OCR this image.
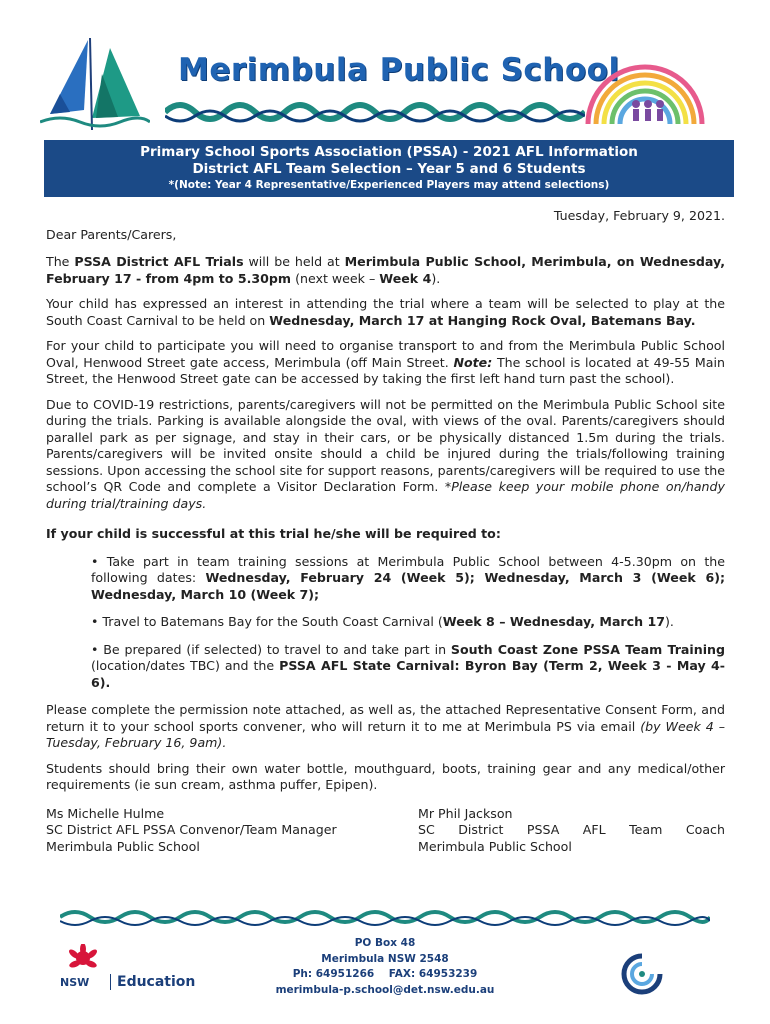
Merimbula Public School
Primary School Sports Association (PSSA) - 2021 AFL Information
District AFL Team Selection – Year 5 and 6 Students
*(Note: Year 4 Representative/Experienced Players may attend selections)
Tuesday, February 9, 2021.
Dear Parents/Carers,
The PSSA District AFL Trials will be held at Merimbula Public School, Merimbula, on Wednesday, February 17 - from 4pm to 5.30pm (next week – Week 4).
Your child has expressed an interest in attending the trial where a team will be selected to play at the South Coast Carnival to be held on Wednesday, March 17 at Hanging Rock Oval, Batemans Bay.
For your child to participate you will need to organise transport to and from the Merimbula Public School Oval, Henwood Street gate access, Merimbula (off Main Street. Note: The school is located at 49-55 Main Street, the Henwood Street gate can be accessed by taking the first left hand turn past the school).
Due to COVID-19 restrictions, parents/caregivers will not be permitted on the Merimbula Public School site during the trials. Parking is available alongside the oval, with views of the oval. Parents/caregivers should parallel park as per signage, and stay in their cars, or be physically distanced 1.5m during the trials. Parents/caregivers will be invited onsite should a child be injured during the trials/following training sessions. Upon accessing the school site for support reasons, parents/caregivers will be required to use the school’s QR Code and complete a Visitor Declaration Form. *Please keep your mobile phone on/handy during trial/training days.
If your child is successful at this trial he/she will be required to:
• Take part in team training sessions at Merimbula Public School between 4-5.30pm on the following dates: Wednesday, February 24 (Week 5); Wednesday, March 3 (Week 6); Wednesday, March 10 (Week 7);
• Travel to Batemans Bay for the South Coast Carnival (Week 8 – Wednesday, March 17).
• Be prepared (if selected) to travel to and take part in South Coast Zone PSSA Team Training (location/dates TBC) and the PSSA AFL State Carnival: Byron Bay (Term 2, Week 3 - May 4-6).
Please complete the permission note attached, as well as, the attached Representative Consent Form, and return it to your school sports convener, who will return it to me at Merimbula PS via email (by Week 4 – Tuesday, February 16, 9am).
Students should bring their own water bottle, mouthguard, boots, training gear and any medical/other requirements (ie sun cream, asthma puffer, Epipen).
Ms Michelle Hulme
SC District AFL PSSA Convenor/Team Manager
Merimbula Public School
Mr Phil Jackson
SC District PSSA AFL Team Coach
Merimbula Public School
NSW	Education
PO Box 48
Merimbula NSW 2548
Ph: 64951266    FAX: 64953239
merimbula-p.school@det.nsw.edu.au
